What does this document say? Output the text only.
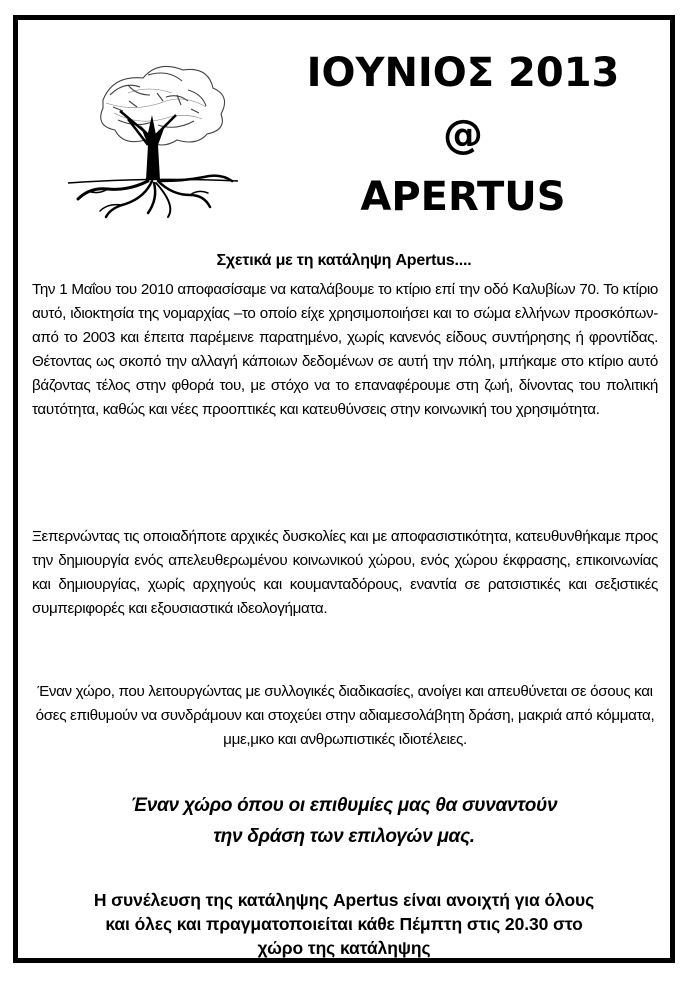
ΙΟΥΝΙΟΣ 2013
@
APERTUS
Σχετικά με τη κατάληψη Apertus....
Την 1 Μαΐου του 2010 αποφασίσαμε να καταλάβουμε το κτίριο επί την οδό Καλυβίων 70. Το κτίριο αυτό, ιδιοκτησία της νομαρχίας –το οποίο είχε χρησιμοποιήσει και το σώμα ελλήνων προσκόπων- από το 2003 και έπειτα παρέμεινε παρατημένο, χωρίς κανενός είδους συντήρησης ή φροντίδας. Θέτοντας ως σκοπό την αλλαγή κάποιων δεδομένων σε αυτή την πόλη, μπήκαμε στο κτίριο αυτό βάζοντας τέλος στην φθορά του, με στόχο να το επαναφέρουμε στη ζωή, δίνοντας του πολιτική ταυτότητα, καθώς και νέες προοπτικές και κατευθύνσεις στην κοινωνική του χρησιμότητα.
Ξεπερνώντας τις οποιαδήποτε αρχικές δυσκολίες και με αποφασιστικότητα, κατευθυνθήκαμε προς την δημιουργία ενός απελευθερωμένου κοινωνικού χώρου, ενός χώρου έκφρασης, επικοινωνίας και δημιουργίας, χωρίς αρχηγούς και κουμανταδόρους, εναντία σε ρατσιστικές και σεξιστικές συμπεριφορές και εξουσιαστικά ιδεολογήματα.
Έναν χώρο, που λειτουργώντας με συλλογικές διαδικασίες, ανοίγει και απευθύνεται σε όσους και όσες επιθυμούν να συνδράμουν και στοχεύει στην αδιαμεσολάβητη δράση, μακριά από κόμματα, μμε,μκο και ανθρωπιστικές ιδιοτέλειες.
Έναν χώρο όπου οι επιθυμίες μας θα συναντούν
την δράση των επιλογών μας.
Η συνέλευση της κατάληψης Apertus είναι ανοιχτή για όλους
και όλες και πραγματοποιείται κάθε Πέμπτη στις 20.30 στο
χώρο της κατάληψης
